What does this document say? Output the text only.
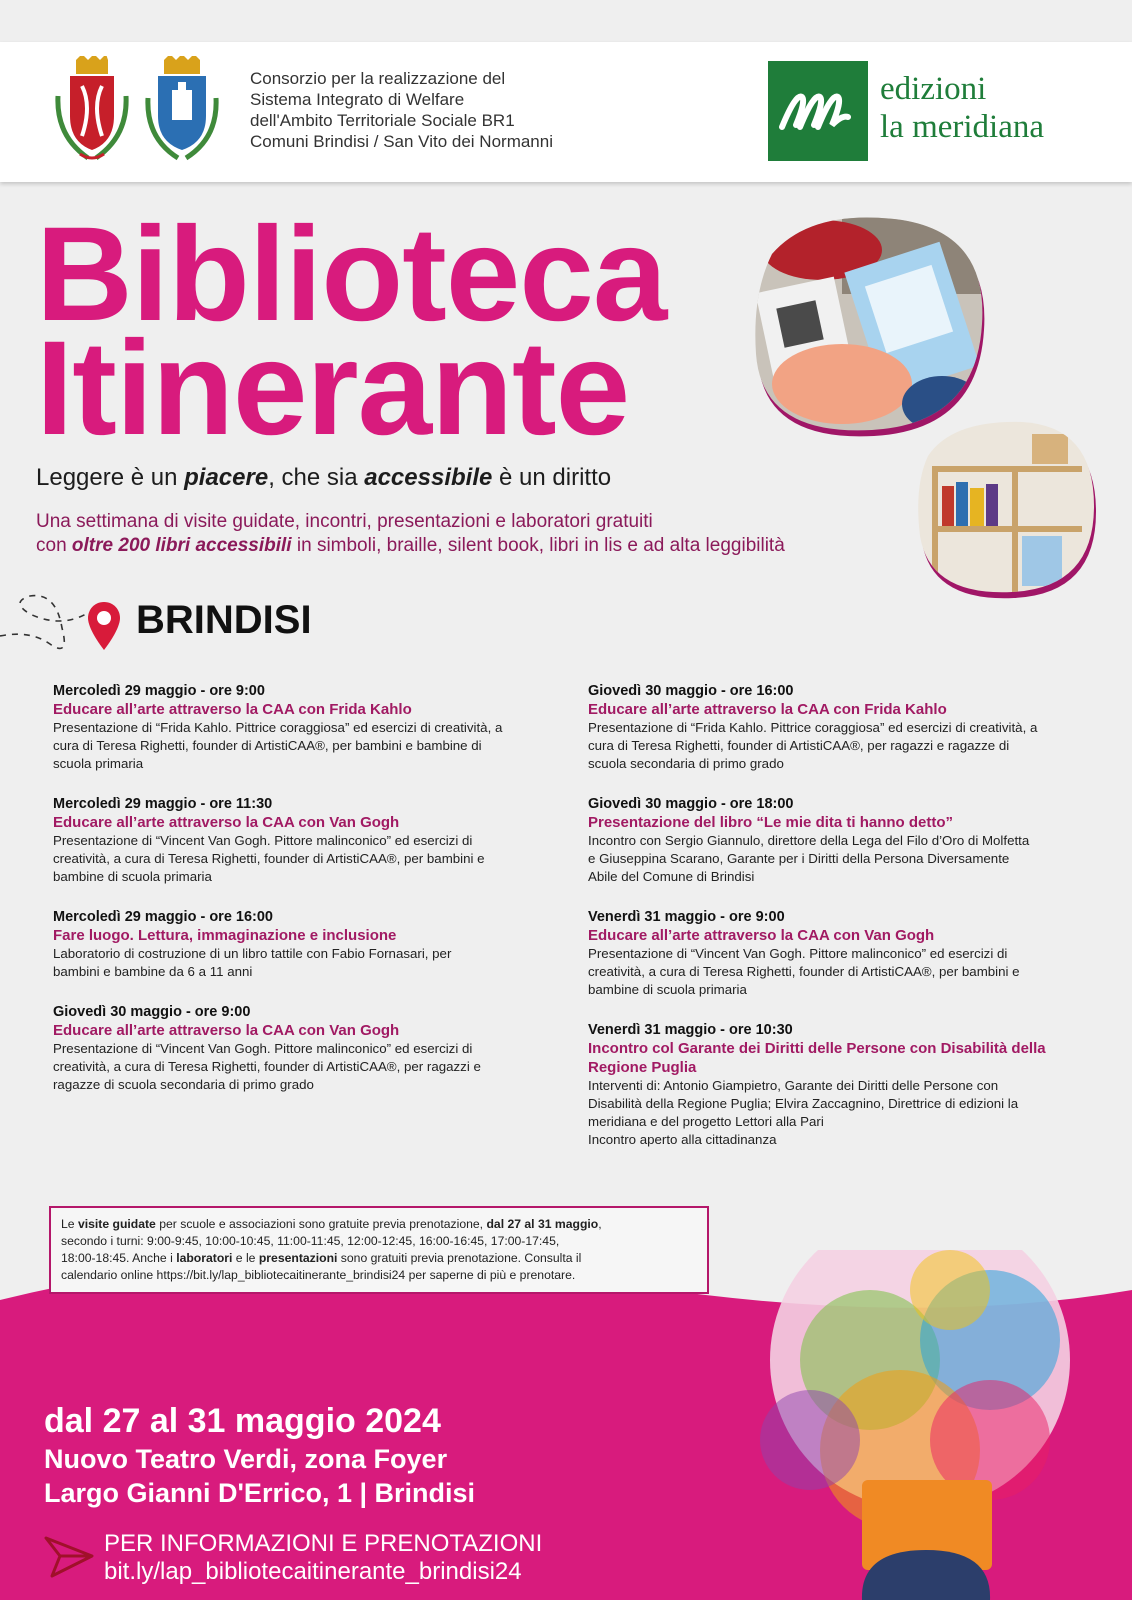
Consorzio per la realizzazione del
Sistema Integrato di Welfare
dell'Ambito Territoriale Sociale BR1
Comuni Brindisi / San Vito dei Normanni
edizioni
la meridiana
Biblioteca
Itinerante
Leggere è un piacere, che sia accessibile è un diritto
Una settimana di visite guidate, incontri, presentazioni e laboratori gratuiti
con oltre 200 libri accessibili in simboli, braille, silent book, libri in lis e ad alta leggibilità
BRINDISI
Mercoledì 29 maggio - ore 9:00
Educare all’arte attraverso la CAA con Frida Kahlo
Presentazione di “Frida Kahlo. Pittrice coraggiosa” ed esercizi di creatività, a
cura di Teresa Righetti, founder di ArtistiCAA®, per bambini e bambine di
scuola primaria
Mercoledì 29 maggio - ore 11:30
Educare all’arte attraverso la CAA con Van Gogh
Presentazione di “Vincent Van Gogh. Pittore malinconico” ed esercizi di
creatività, a cura di Teresa Righetti, founder di ArtistiCAA®, per bambini e
bambine di scuola primaria
Mercoledì 29 maggio - ore 16:00
Fare luogo. Lettura, immaginazione e inclusione
Laboratorio di costruzione di un libro tattile con Fabio Fornasari, per
bambini e bambine da 6 a 11 anni
Giovedì 30 maggio - ore 9:00
Educare all’arte attraverso la CAA con Van Gogh
Presentazione di “Vincent Van Gogh. Pittore malinconico” ed esercizi di
creatività, a cura di Teresa Righetti, founder di ArtistiCAA®, per ragazzi e
ragazze di scuola secondaria di primo grado
Giovedì 30 maggio - ore 16:00
Educare all’arte attraverso la CAA con Frida Kahlo
Presentazione di “Frida Kahlo. Pittrice coraggiosa” ed esercizi di creatività, a
cura di Teresa Righetti, founder di ArtistiCAA®, per ragazzi e ragazze di
scuola secondaria di primo grado
Giovedì 30 maggio - ore 18:00
Presentazione del libro “Le mie dita ti hanno detto”
Incontro con Sergio Giannulo, direttore della Lega del Filo d’Oro di Molfetta
e Giuseppina Scarano, Garante per i Diritti della Persona Diversamente
Abile del Comune di Brindisi
Venerdì 31 maggio - ore 9:00
Educare all’arte attraverso la CAA con Van Gogh
Presentazione di “Vincent Van Gogh. Pittore malinconico” ed esercizi di
creatività, a cura di Teresa Righetti, founder di ArtistiCAA®, per bambini e
bambine di scuola primaria
Venerdì 31 maggio - ore 10:30
Incontro col Garante dei Diritti delle Persone con Disabilità della Regione Puglia
Interventi di: Antonio Giampietro, Garante dei Diritti delle Persone con
Disabilità della Regione Puglia; Elvira Zaccagnino, Direttrice di edizioni la
meridiana e del progetto Lettori alla Pari
Incontro aperto alla cittadinanza
Le visite guidate per scuole e associazioni sono gratuite previa prenotazione, dal 27 al 31 maggio,
secondo i turni: 9:00-9:45, 10:00-10:45, 11:00-11:45, 12:00-12:45, 16:00-16:45, 17:00-17:45,
18:00-18:45. Anche i laboratori e le presentazioni sono gratuiti previa prenotazione. Consulta il
calendario online https://bit.ly/lap_bibliotecaitinerante_brindisi24 per saperne di più e prenotare.
dal 27 al 31 maggio 2024
Nuovo Teatro Verdi, zona Foyer
Largo Gianni D'Errico, 1 | Brindisi
PER INFORMAZIONI E PRENOTAZIONI
bit.ly/lap_bibliotecaitinerante_brindisi24
